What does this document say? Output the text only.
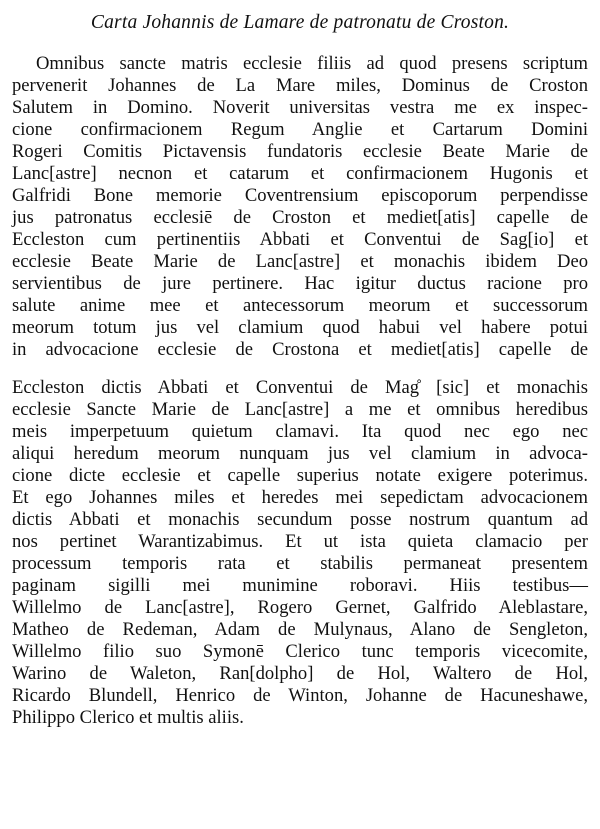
Carta Johannis de Lamare de patronatu de Croston.
Omnibus sancte matris ecclesie filiis ad quod presens scriptum
pervenerit Johannes de La Mare miles, Dominus de Croston
Salutem in Domino. Noverit universitas vestra me ex inspec-
cione confirmacionem Regum Anglie et Cartarum Domini
Rogeri Comitis Pictavensis fundatoris ecclesie Beate Marie de
Lanc[astre] necnon et catarum et confirmacionem Hugonis et
Galfridi Bone memorie Coventrensium episcoporum perpendisse
jus patronatus ecclesiē de Croston et mediet[atis] capelle de
Eccleston cum pertinentiis Abbati et Conventui de Sag[io] et
ecclesie Beate Marie de Lanc[astre] et monachis ibidem Deo
servientibus de jure pertinere. Hac igitur ductus racione pro
salute anime mee et antecessorum meorum et successorum
meorum totum jus vel clamium quod habui vel habere potui
in advocacione ecclesie de Crostona et mediet[atis] capelle de
Eccleston dictis Abbati et Conventui de Mag̊ [sic] et monachis
ecclesie Sancte Marie de Lanc[astre] a me et omnibus heredibus
meis imperpetuum quietum clamavi. Ita quod nec ego nec
aliqui heredum meorum nunquam jus vel clamium in advoca-
cione dicte ecclesie et capelle superius notate exigere poterimus.
Et ego Johannes miles et heredes mei sepedictam advocacionem
dictis Abbati et monachis secundum posse nostrum quantum ad
nos pertinet Warantizabimus. Et ut ista quieta clamacio per
processum temporis rata et stabilis permaneat presentem
paginam sigilli mei munimine roboravi. Hiis testibus—
Willelmo de Lanc[astre], Rogero Gernet, Galfrido Aleblastare,
Matheo de Redeman, Adam de Mulynaus, Alano de Sengleton,
Willelmo filio suo Symonē Clerico tunc temporis vicecomite,
Warino de Waleton, Ran[dolpho] de Hol, Waltero de Hol,
Ricardo Blundell, Henrico de Winton, Johanne de Hacuneshawe,
Philippo Clerico et multis aliis.
